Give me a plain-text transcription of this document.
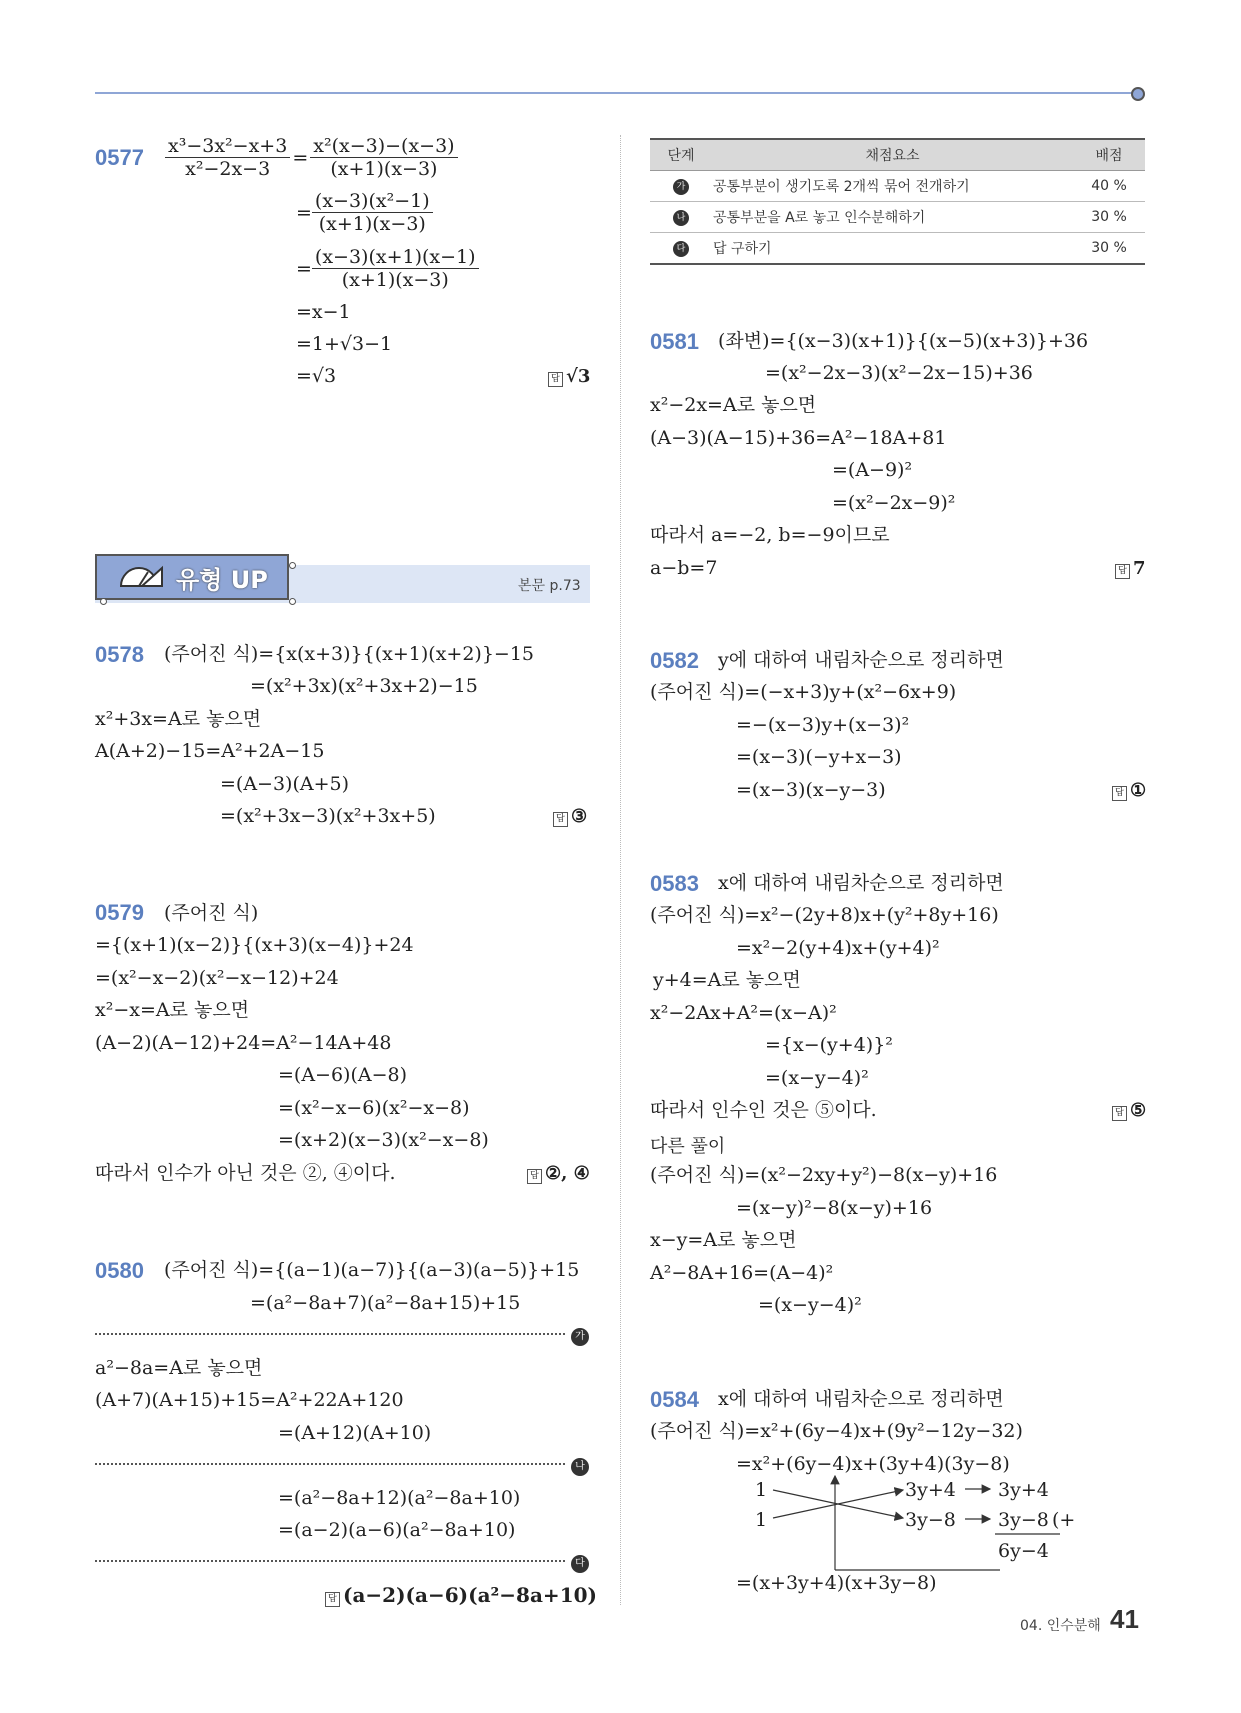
$0577 \frac{\text{x³−3x²−x+3}}{\text{x²−2x−3}} = \frac{\text{x²(x−3)−(x−3)}}{(x+1)(x-3)}$
= $\frac{\text{(x−3)(x²−1)}}{(x+1)(x-3)}$
= $\frac{(x-3)(x+1)(x-1)}{(x+1)(x-3)}$
=x−1
=1+√3−1
=√3	답 √3
유형 UP	본문 p.73
0578 (주어진 식)={x(x+3)}{(x+1)(x+2)}−15
=(x²+3x)(x²+3x+2)−15
x²+3x=A로 놓으면
A(A+2)−15=A²+2A−15
=(A−3)(A+5)
=(x²+3x−3)(x²+3x+5)	답 ③
0579 (주어진 식)
={(x+1)(x−2)}{(x+3)(x−4)}+24
=(x²−x−2)(x²−x−12)+24
x²−x=A로 놓으면
(A−2)(A−12)+24=A²−14A+48
=(A−6)(A−8)
=(x²−x−6)(x²−x−8)
=(x+2)(x−3)(x²−x−8)
따라서 인수가 아닌 것은 ②, ④이다.	답 ②, ④
0580 (주어진 식)={(a−1)(a−7)}{(a−3)(a−5)}+15
=(a²−8a+7)(a²−8a+15)+15
가
a²−8a=A로 놓으면
(A+7)(A+15)+15=A²+22A+120
=(A+12)(A+10)
나
=(a²−8a+12)(a²−8a+10)
=(a−2)(a−6)(a²−8a+10)
다
답 (a−2)(a−6)(a²−8a+10)
단계	채점요소	배점
가	공통부분이 생기도록 2개씩 묶어 전개하기	40 %
나	공통부분을 A로 놓고 인수분해하기	30 %
다	답 구하기	30 %
0581 (좌변)={(x−3)(x+1)}{(x−5)(x+3)}+36
=(x²−2x−3)(x²−2x−15)+36
x²−2x=A로 놓으면
(A−3)(A−15)+36=A²−18A+81
=(A−9)²
=(x²−2x−9)²
따라서 a=−2, b=−9이므로
a−b=7	답 7
0582 y에 대하여 내림차순으로 정리하면
(주어진 식)=(−x+3)y+(x²−6x+9)
=−(x−3)y+(x−3)²
=(x−3)(−y+x−3)
=(x−3)(x−y−3)	답 ①
0583 x에 대하여 내림차순으로 정리하면
(주어진 식)=x²−(2y+8)x+(y²+8y+16)
=x²−2(y+4)x+(y+4)²
y+4=A로 놓으면
x²−2Ax+A²=(x−A)²
={x−(y+4)}²
=(x−y−4)²
따라서 인수인 것은 ⑤이다.	답 ⑤
다른 풀이
(주어진 식)=(x²−2xy+y²)−8(x−y)+16
=(x−y)²−8(x−y)+16
x−y=A로 놓으면
A²−8A+16=(A−4)²
=(x−y−4)²
0584 x에 대하여 내림차순으로 정리하면
(주어진 식)=x²+(6y−4)x+(9y²−12y−32)
=x²+(6y−4)x+(3y+4)(3y−8)
1
1
3y+4
3y−8
3y+4
3y−8 (+
6y−4
=(x+3y+4)(x+3y−8)
04. 인수분해 41
